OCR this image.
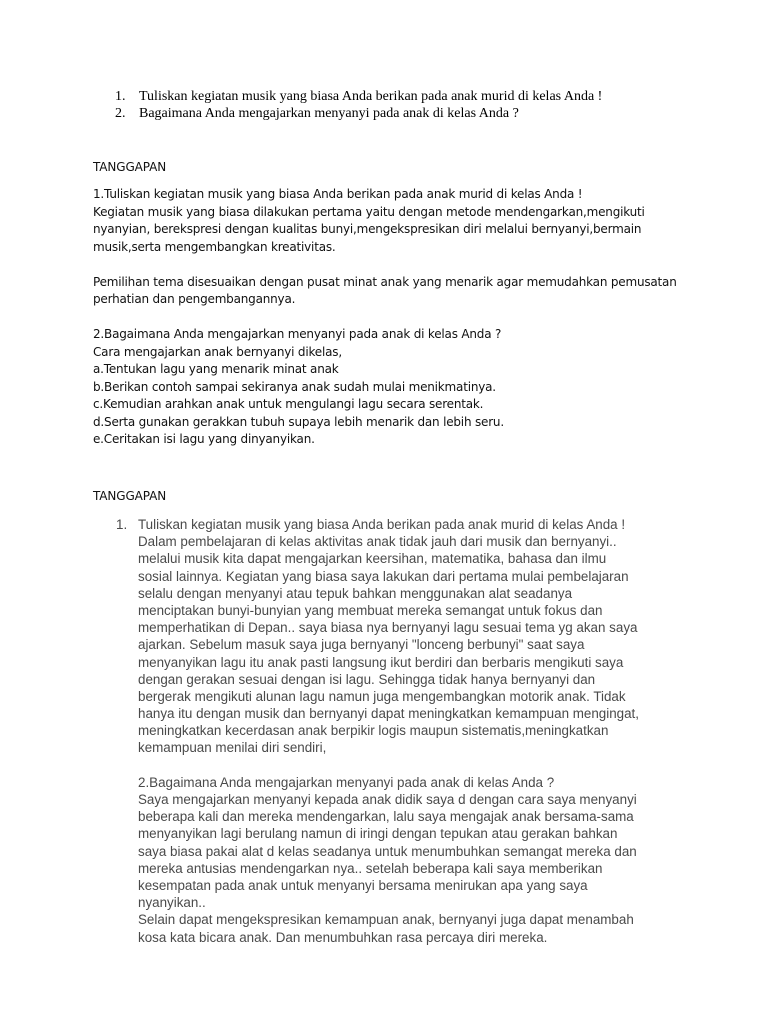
1. Tuliskan kegiatan musik yang biasa Anda berikan pada anak murid di kelas Anda !
2. Bagaimana Anda mengajarkan menyanyi pada anak di kelas Anda ?
TANGGAPAN
1.Tuliskan kegiatan musik yang biasa Anda berikan pada anak murid di kelas Anda !
Kegiatan musik yang biasa dilakukan pertama yaitu dengan metode mendengarkan,mengikuti
nyanyian, berekspresi dengan kualitas bunyi,mengekspresikan diri melalui bernyanyi,bermain
musik,serta mengembangkan kreativitas.
Pemilihan tema disesuaikan dengan pusat minat anak yang menarik agar memudahkan pemusatan
perhatian dan pengembangannya.
2.Bagaimana Anda mengajarkan menyanyi pada anak di kelas Anda ?
Cara mengajarkan anak bernyanyi dikelas,
a.Tentukan lagu yang menarik minat anak
b.Berikan contoh sampai sekiranya anak sudah mulai menikmatinya.
c.Kemudian arahkan anak untuk mengulangi lagu secara serentak.
d.Serta gunakan gerakkan tubuh supaya lebih menarik dan lebih seru.
e.Ceritakan isi lagu yang dinyanyikan.
TANGGAPAN
1. Tuliskan kegiatan musik yang biasa Anda berikan pada anak murid di kelas Anda !
Dalam pembelajaran di kelas aktivitas anak tidak jauh dari musik dan bernyanyi..
melalui musik kita dapat mengajarkan keersihan, matematika, bahasa dan ilmu
sosial lainnya. Kegiatan yang biasa saya lakukan dari pertama mulai pembelajaran
selalu dengan menyanyi atau tepuk bahkan menggunakan alat seadanya
menciptakan bunyi-bunyian yang membuat mereka semangat untuk fokus dan
memperhatikan di Depan.. saya biasa nya bernyanyi lagu sesuai tema yg akan saya
ajarkan. Sebelum masuk saya juga bernyanyi "lonceng berbunyi" saat saya
menyanyikan lagu itu anak pasti langsung ikut berdiri dan berbaris mengikuti saya
dengan gerakan sesuai dengan isi lagu. Sehingga tidak hanya bernyanyi dan
bergerak mengikuti alunan lagu namun juga mengembangkan motorik anak. Tidak
hanya itu dengan musik dan bernyanyi dapat meningkatkan kemampuan mengingat,
meningkatkan kecerdasan anak berpikir logis maupun sistematis,meningkatkan
kemampuan menilai diri sendiri,
2.Bagaimana Anda mengajarkan menyanyi pada anak di kelas Anda ?
Saya mengajarkan menyanyi kepada anak didik saya d dengan cara saya menyanyi
beberapa kali dan mereka mendengarkan, lalu saya mengajak anak bersama-sama
menyanyikan lagi berulang namun di iringi dengan tepukan atau gerakan bahkan
saya biasa pakai alat d kelas seadanya untuk menumbuhkan semangat mereka dan
mereka antusias mendengarkan nya.. setelah beberapa kali saya memberikan
kesempatan pada anak untuk menyanyi bersama menirukan apa yang saya
nyanyikan..
Selain dapat mengekspresikan kemampuan anak, bernyanyi juga dapat menambah
kosa kata bicara anak. Dan menumbuhkan rasa percaya diri mereka.
